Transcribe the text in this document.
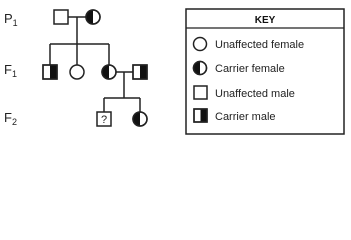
$P_1$
$F_1$
$F_2$	?
KEY
Unaffected female
Carrier female
Unaffected male
Carrier male
